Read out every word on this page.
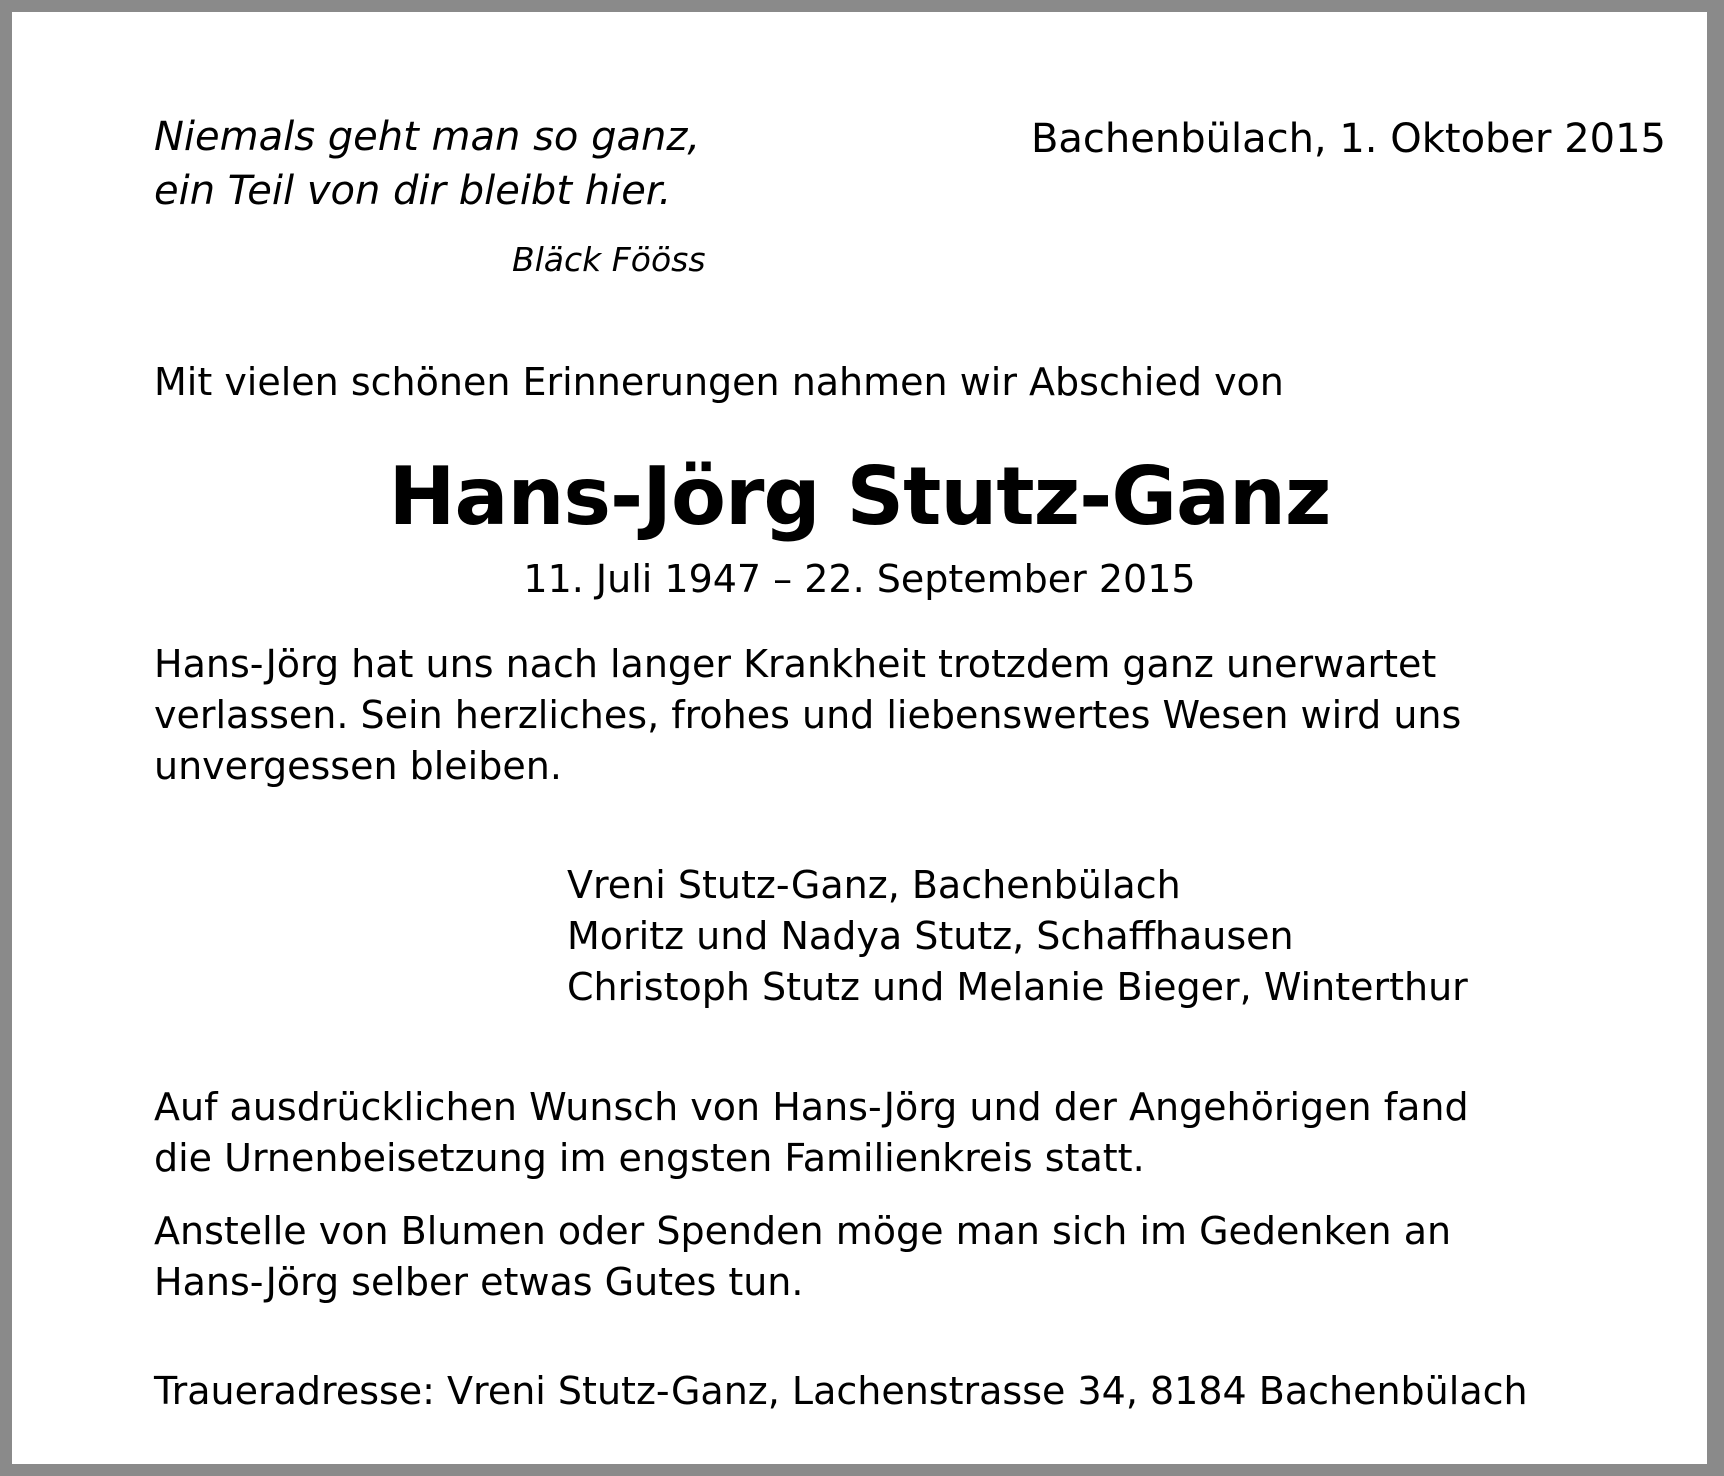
Niemals geht man so ganz,
ein Teil von dir bleibt hier.
Bläck Fööss
Bachenbülach, 1. Oktober 2015
Mit vielen schönen Erinnerungen nahmen wir Abschied von
Hans-Jörg Stutz-Ganz
11. Juli 1947 – 22. September 2015
Hans-Jörg hat uns nach langer Krankheit trotzdem ganz unerwartet
verlassen. Sein herzliches, frohes und liebenswertes Wesen wird uns
unvergessen bleiben.
Vreni Stutz-Ganz, Bachenbülach
Moritz und Nadya Stutz, Schaffhausen
Christoph Stutz und Melanie Bieger, Winterthur
Auf ausdrücklichen Wunsch von Hans-Jörg und der Angehörigen fand
die Urnenbeisetzung im engsten Familienkreis statt.
Anstelle von Blumen oder Spenden möge man sich im Gedenken an
Hans-Jörg selber etwas Gutes tun.
Traueradresse: Vreni Stutz-Ganz, Lachenstrasse 34, 8184 Bachenbülach
